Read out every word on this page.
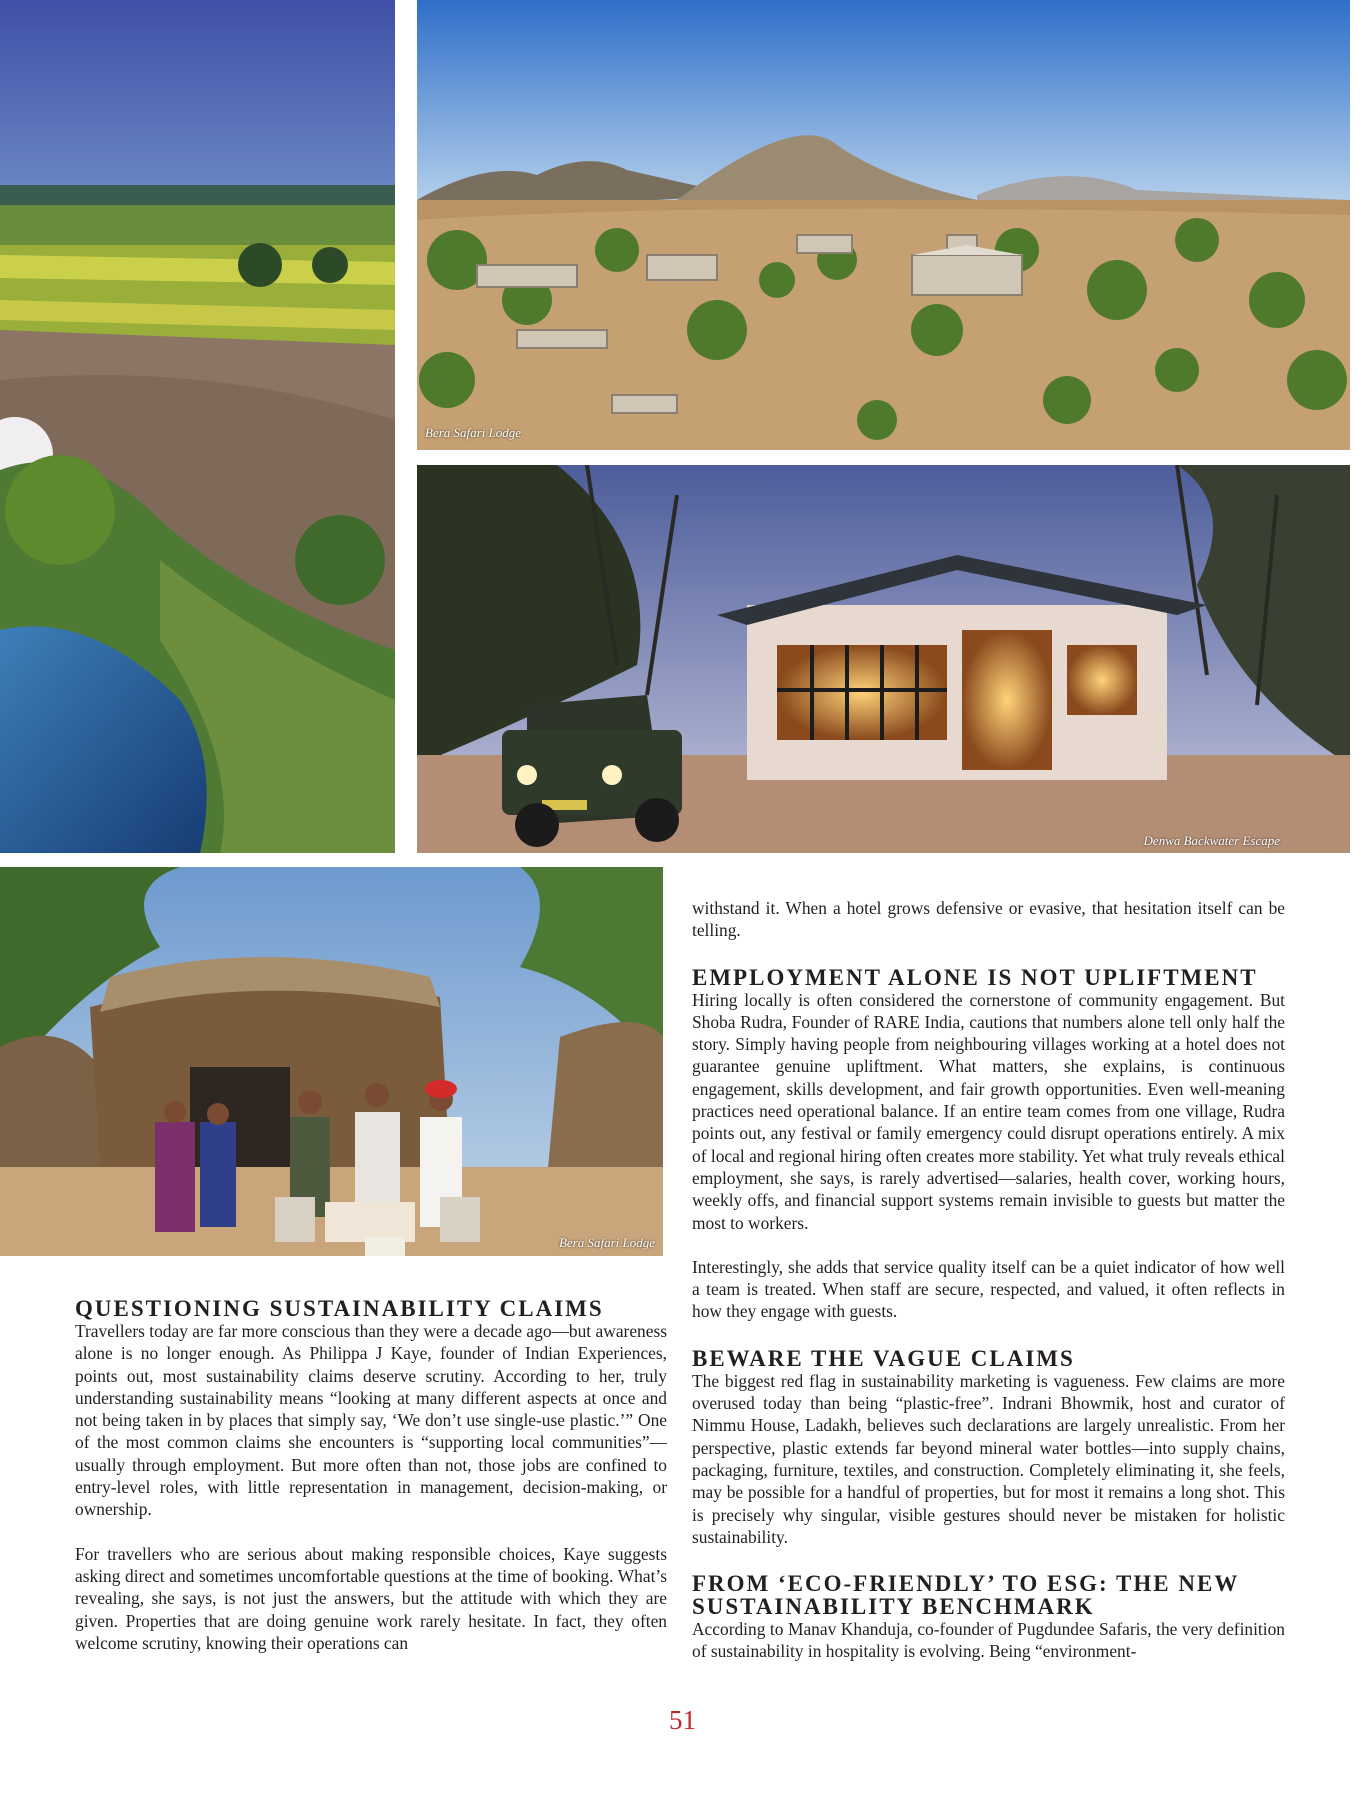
Bera Safari Lodge
Denwa Backwater Escape
Bera Safari Lodge
QUESTIONING SUSTAINABILITY CLAIMS

Travellers today are far more conscious than they were a decade ago—but awareness alone is no longer enough. As Philippa J Kaye, founder of Indian Experiences, points out, most sustainability claims deserve scrutiny. According to her, truly understanding sustainability means “looking at many different aspects at once and not being taken in by places that simply say, ‘We don’t use single-use plastic.’” One of the most common claims she encounters is “supporting local communities”—usually through employment. But more often than not, those jobs are confined to entry-level roles, with little representation in management, decision-making, or ownership.

For travellers who are serious about making responsible choices, Kaye suggests asking direct and sometimes uncomfortable questions at the time of booking. What’s revealing, she says, is not just the answers, but the attitude with which they are given. Properties that are doing genuine work rarely hesitate. In fact, they often welcome scrutiny, knowing their operations can

withstand it. When a hotel grows defensive or evasive, that hesitation itself can be telling.

EMPLOYMENT ALONE IS NOT UPLIFTMENT

Hiring locally is often considered the cornerstone of community engagement. But Shoba Rudra, Founder of RARE India, cautions that numbers alone tell only half the story. Simply having people from neighbouring villages working at a hotel does not guarantee genuine upliftment. What matters, she explains, is continuous engagement, skills development, and fair growth opportunities. Even well-meaning practices need operational balance. If an entire team comes from one village, Rudra points out, any festival or family emergency could disrupt operations entirely. A mix of local and regional hiring often creates more stability. Yet what truly reveals ethical employment, she says, is rarely advertised—salaries, health cover, working hours, weekly offs, and financial support systems remain invisible to guests but matter the most to workers.

Interestingly, she adds that service quality itself can be a quiet indicator of how well a team is treated. When staff are secure, respected, and valued, it often reflects in how they engage with guests.

BEWARE THE VAGUE CLAIMS

The biggest red flag in sustainability marketing is vagueness. Few claims are more overused today than being “plastic-free”. Indrani Bhowmik, host and curator of Nimmu House, Ladakh, believes such declarations are largely unrealistic. From her perspective, plastic extends far beyond mineral water bottles—into supply chains, packaging, furniture, textiles, and construction. Completely eliminating it, she feels, may be possible for a handful of properties, but for most it remains a long shot. This is precisely why singular, visible gestures should never be mistaken for holistic sustainability.

FROM ‘ECO-FRIENDLY’ TO ESG: THE NEW SUSTAINABILITY BENCHMARK

According to Manav Khanduja, co-founder of Pugdundee Safaris, the very definition of sustainability in hospitality is evolving. Being “environment-

51
